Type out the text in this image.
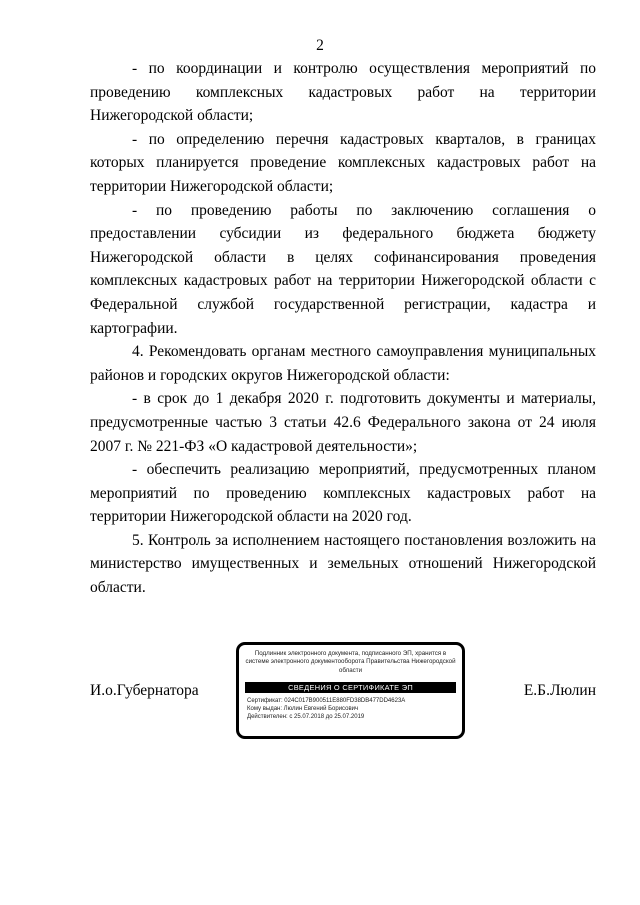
2

- по координации и контролю осуществления мероприятий по проведению комплексных кадастровых работ на территории Нижегородской области;

- по определению перечня кадастровых кварталов, в границах которых планируется проведение комплексных кадастровых работ на территории Нижегородской области;

- по проведению работы по заключению соглашения о предоставлении субсидии из федерального бюджета бюджету Нижегородской области в целях софинансирования проведения комплексных кадастровых работ на территории Нижегородской области с Федеральной службой государственной регистрации, кадастра и картографии.

4. Рекомендовать органам местного самоуправления муниципальных районов и городских округов Нижегородской области:

- в срок до 1 декабря 2020 г. подготовить документы и материалы, предусмотренные частью 3 статьи 42.6 Федерального закона от 24 июля 2007 г. № 221-ФЗ «О кадастровой деятельности»;

- обеспечить реализацию мероприятий, предусмотренных планом мероприятий по проведению комплексных кадастровых работ на территории Нижегородской области на 2020 год.

5. Контроль за исполнением настоящего постановления возложить на министерство имущественных и земельных отношений Нижегородской области.

И.о.Губернатора
Подлинник электронного документа, подписанного ЭП, хранится в системе электронного документооборота Правительства Нижегородской области
СВЕДЕНИЯ О СЕРТИФИКАТЕ ЭП
Сертификат: 024C017B900511E880FD38DB477DD4623A
Кому выдан: Люлин Евгений Борисович
Действителен: с 25.07.2018 до 25.07.2019
Е.Б.Люлин
